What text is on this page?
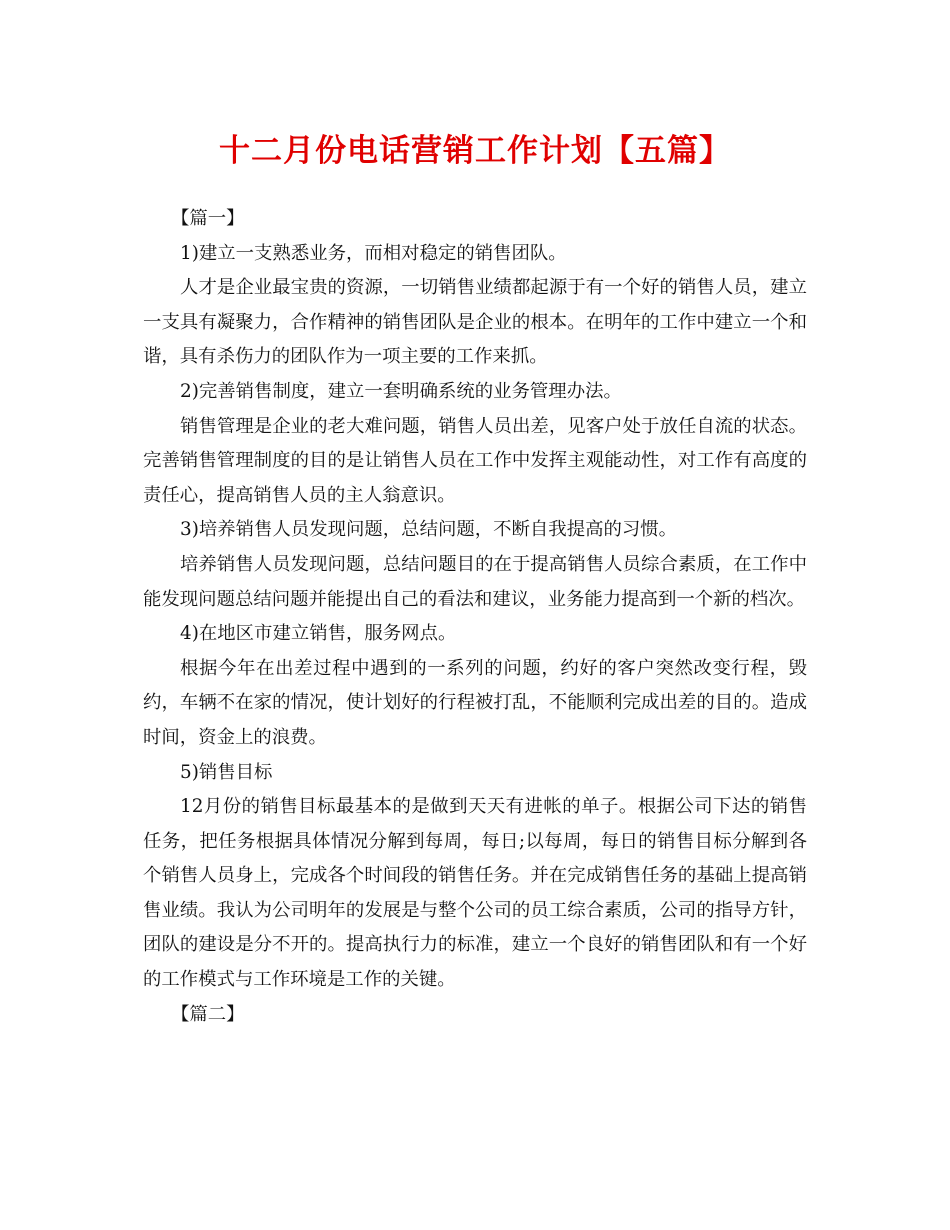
十二月份电话营销工作计划【五篇】

【篇一】

1)建立一支熟悉业务，而相对稳定的销售团队。

人才是企业最宝贵的资源，一切销售业绩都起源于有一个好的销售人员，建立一支具有凝聚力，合作精神的销售团队是企业的根本。在明年的工作中建立一个和谐，具有杀伤力的团队作为一项主要的工作来抓。

2)完善销售制度，建立一套明确系统的业务管理办法。

销售管理是企业的老大难问题，销售人员出差，见客户处于放任自流的状态。完善销售管理制度的目的是让销售人员在工作中发挥主观能动性，对工作有高度的责任心，提高销售人员的主人翁意识。

3)培养销售人员发现问题，总结问题，不断自我提高的习惯。

培养销售人员发现问题，总结问题目的在于提高销售人员综合素质，在工作中能发现问题总结问题并能提出自己的看法和建议，业务能力提高到一个新的档次。

4)在地区市建立销售，服务网点。

根据今年在出差过程中遇到的一系列的问题，约好的客户突然改变行程，毁约，车辆不在家的情况，使计划好的行程被打乱，不能顺利完成出差的目的。造成时间，资金上的浪费。

5)销售目标

12月份的销售目标最基本的是做到天天有进帐的单子。根据公司下达的销售任务，把任务根据具体情况分解到每周，每日;以每周，每日的销售目标分解到各个销售人员身上，完成各个时间段的销售任务。并在完成销售任务的基础上提高销售业绩。我认为公司明年的发展是与整个公司的员工综合素质，公司的指导方针，团队的建设是分不开的。提高执行力的标准，建立一个良好的销售团队和有一个好的工作模式与工作环境是工作的关键。

【篇二】
